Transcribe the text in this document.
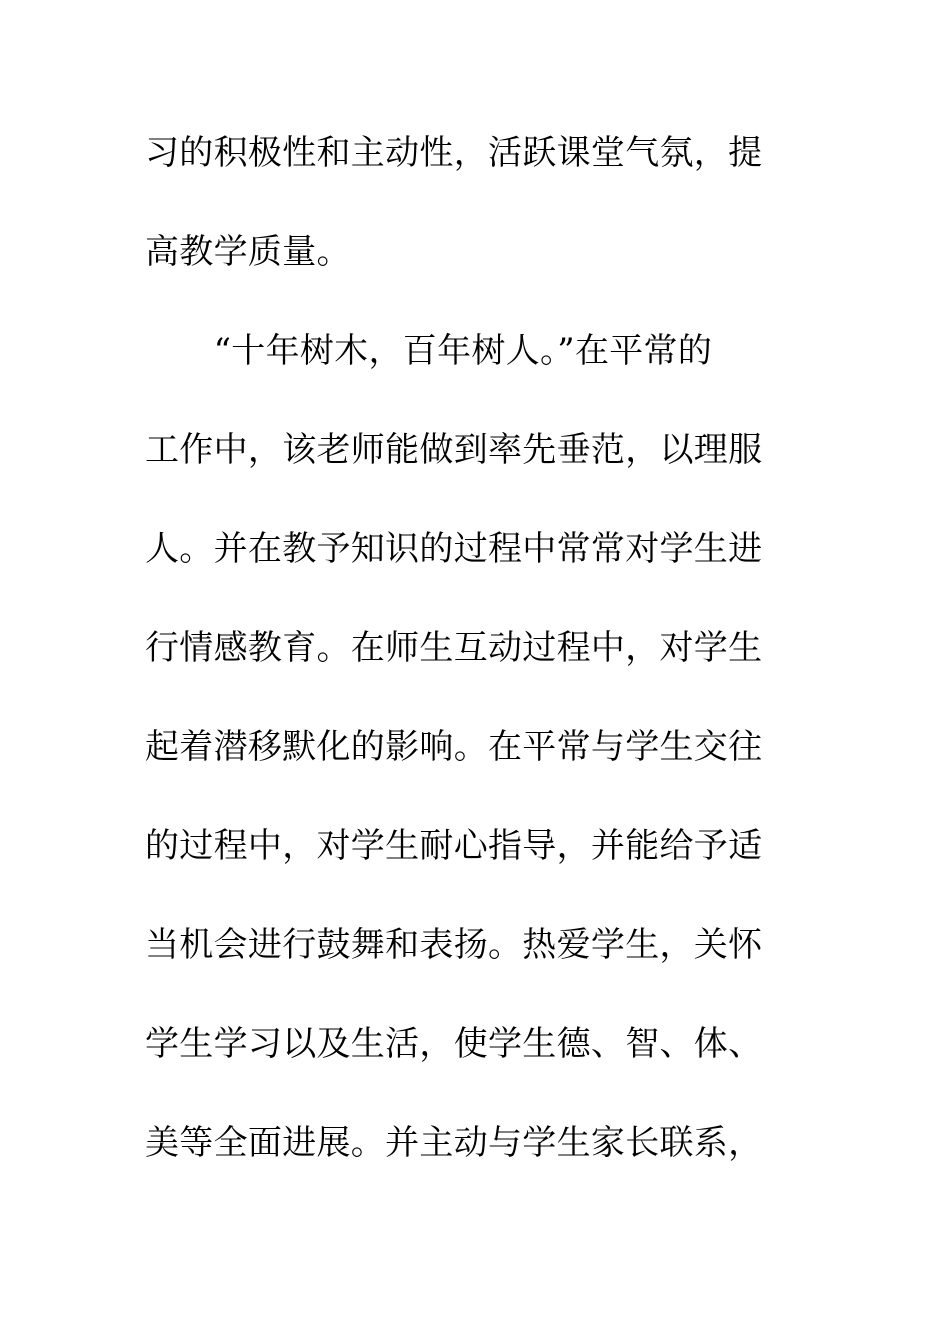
习的积极性和主动性，活跃课堂气氛，提
高教学质量。
　　“十年树木，百年树人。”在平常的
工作中，该老师能做到率先垂范，以理服
人。并在教予知识的过程中常常对学生进
行情感教育。在师生互动过程中，对学生
起着潜移默化的影响。在平常与学生交往
的过程中，对学生耐心指导，并能给予适
当机会进行鼓舞和表扬。热爱学生，关怀
学生学习以及生活，使学生德、智、体、
美等全面进展。并主动与学生家长联系，
